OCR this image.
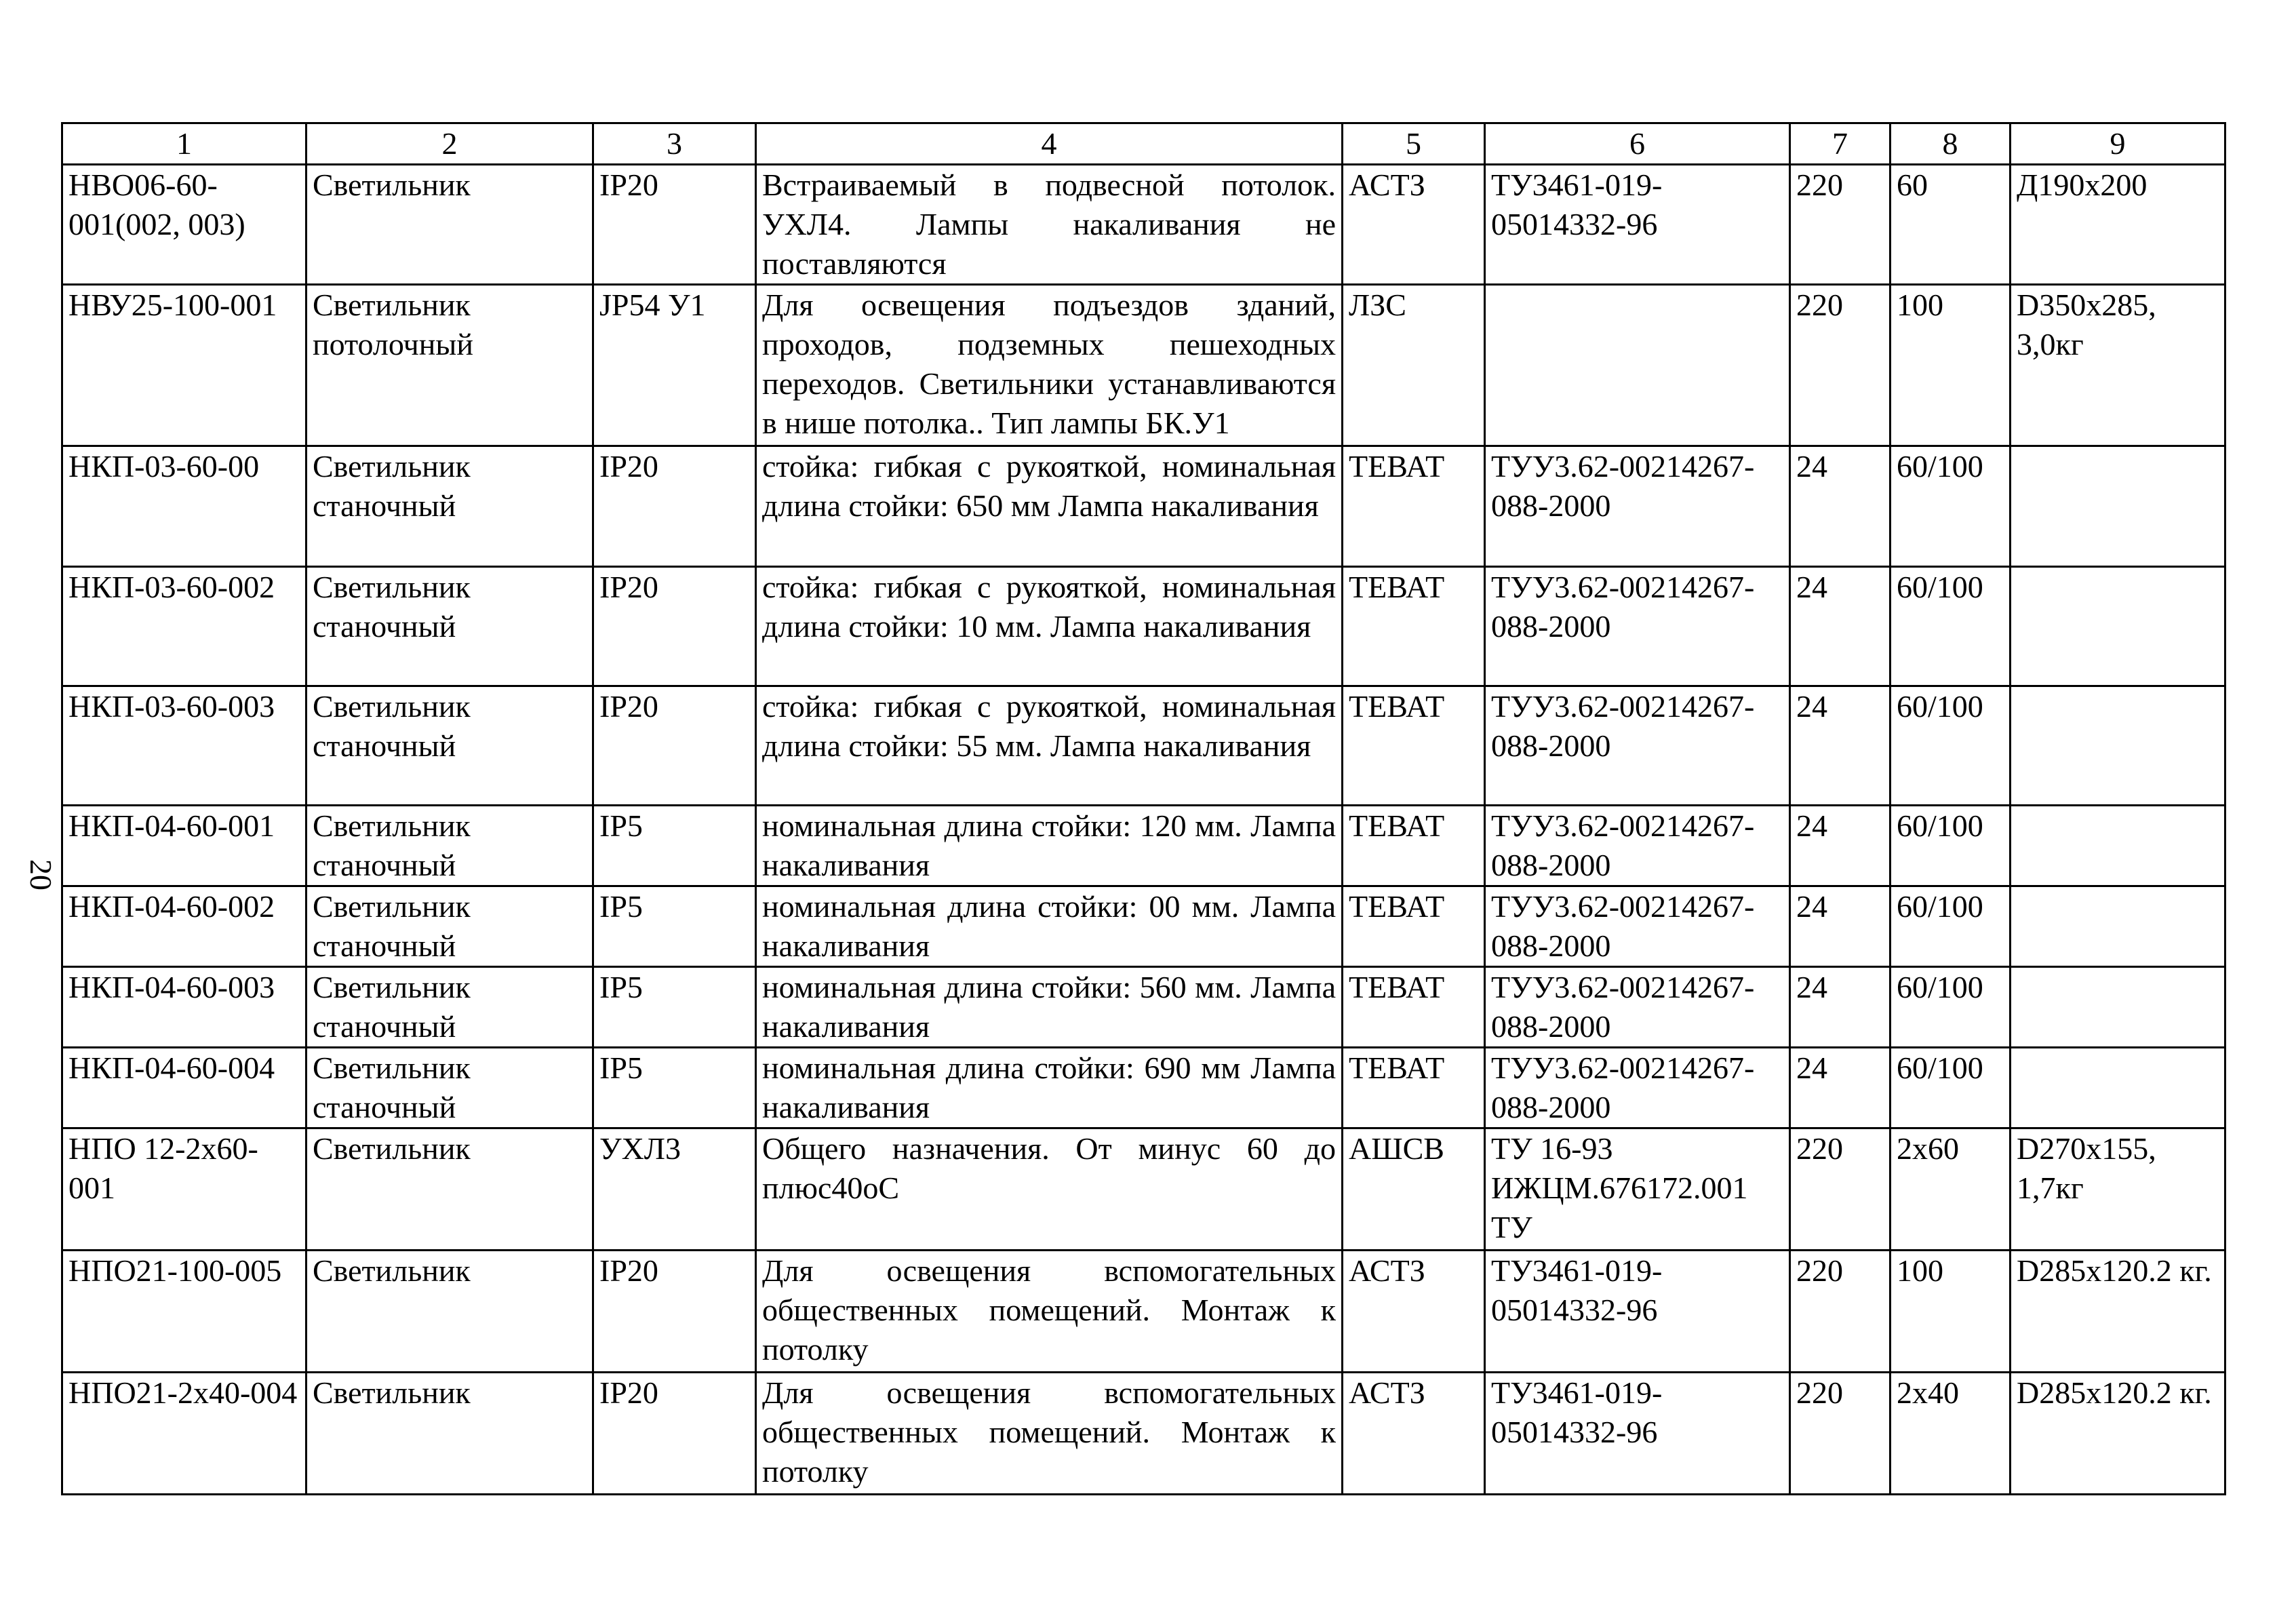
20
1	2	3	4	5	6	7	8	9
НВО06-60-001(002, 003)	Светильник	IP20	Встраиваемый в подвесной потолок. УХЛ4. Лампы накаливания не поставляются	АСТЗ	ТУ3461-019-05014332-96	220	60	Д190х200
НВУ25-100-001	Светильник потолочный	JP54 У1	Для освещения подъездов зданий, проходов, подземных пешеходных переходов. Светильники устанавливаются в нише потолка.. Тип лампы БК.У1	ЛЗС		220	100	D350х285, 3,0кг
НКП-03-60-00	Светильник станочный	IP20	стойка: гибкая с рукояткой, номинальная длина стойки: 650 мм Лампа накаливания	ТЕВАТ	ТУУ3.62-00214267-088-2000	24	60/100	
НКП-03-60-002	Светильник станочный	IP20	стойка: гибкая с рукояткой, номинальная длина стойки: 10 мм. Лампа накаливания	ТЕВАТ	ТУУ3.62-00214267-088-2000	24	60/100	
НКП-03-60-003	Светильник станочный	IP20	стойка: гибкая с рукояткой, номинальная длина стойки: 55 мм. Лампа накаливания	ТЕВАТ	ТУУ3.62-00214267-088-2000	24	60/100	
НКП-04-60-001	Светильник станочный	IP5	номинальная длина стойки: 120 мм. Лампа накаливания	ТЕВАТ	ТУУ3.62-00214267-088-2000	24	60/100	
НКП-04-60-002	Светильник станочный	IP5	номинальная длина стойки: 00 мм. Лампа накаливания	ТЕВАТ	ТУУ3.62-00214267-088-2000	24	60/100	
НКП-04-60-003	Светильник станочный	IP5	номинальная длина стойки: 560 мм. Лампа накаливания	ТЕВАТ	ТУУ3.62-00214267-088-2000	24	60/100	
НКП-04-60-004	Светильник станочный	IP5	номинальная длина стойки: 690 мм Лампа накаливания	ТЕВАТ	ТУУ3.62-00214267-088-2000	24	60/100	
НПО 12-2х60-001	Светильник	УХЛ3	Общего назначения. От минус 60 до плюс40оС	АШСВ	ТУ 16-93 ИЖЦМ.676172.001 ТУ	220	2х60	D270х155, 1,7кг
НПО21-100-005	Светильник	IP20	Для освещения вспомогательных общественных помещений. Монтаж к потолку	АСТЗ	ТУ3461-019-05014332-96	220	100	D285х120.2 кг.
НПО21-2х40-004	Светильник	IP20	Для освещения вспомогательных общественных помещений. Монтаж к потолку	АСТЗ	ТУ3461-019-05014332-96	220	2х40	D285х120.2 кг.
